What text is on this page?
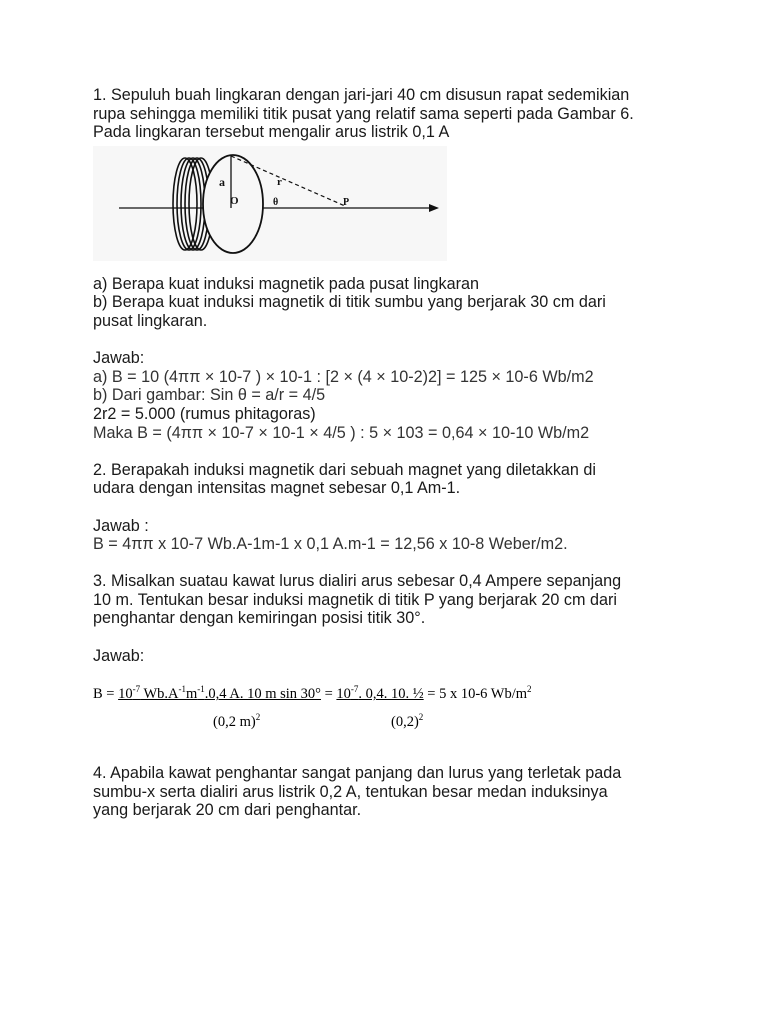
1. Sepuluh buah lingkaran dengan jari-jari 40 cm disusun rapat sedemikian

rupa sehingga memiliki titik pusat yang relatif sama seperti pada Gambar 6.

Pada lingkaran tersebut mengalir arus listrik 0,1 A

a
O	θ
r
P

a) Berapa kuat induksi magnetik pada pusat lingkaran

b) Berapa kuat induksi magnetik di titik sumbu yang berjarak 30 cm dari

pusat lingkaran.

Jawab:

a) B = 10 (4ππ × 10-7 ) × 10-1 : [2 × (4 × 10-2)2] = 125 × 10-6 Wb/m2

b) Dari gambar: Sin θ = a/r = 4/5

2r2 = 5.000 (rumus phitagoras)

Maka B = (4ππ × 10-7 × 10-1 × 4/5 ) : 5 × 103 = 0,64 × 10-10 Wb/m2

2. Berapakah induksi magnetik dari sebuah magnet yang diletakkan di

udara dengan intensitas magnet sebesar 0,1 Am-1.

Jawab :

B = 4ππ x 10-7 Wb.A-1m-1 x 0,1 A.m-1 = 12,56 x 10-8 Weber/m2.

3. Misalkan suatau kawat lurus dialiri arus sebesar 0,4 Ampere sepanjang

10 m. Tentukan besar induksi magnetik di titik P yang berjarak 20 cm dari

penghantar dengan kemiringan posisi titik 30°.

Jawab:

$B = 10^{-7}$ $Wb.A^{-1}m^{-1}.0,4$ A. 10 m $\sin 30^\circ = 10^{-7}$. 0,4. 10. ½ = 5 x 10-6 $Wb/m^2$
(0,2 m)$^2$	$(0,2)^2$

4. Apabila kawat penghantar sangat panjang dan lurus yang terletak pada

sumbu-x serta dialiri arus listrik 0,2 A, tentukan besar medan induksinya

yang berjarak 20 cm dari penghantar.
